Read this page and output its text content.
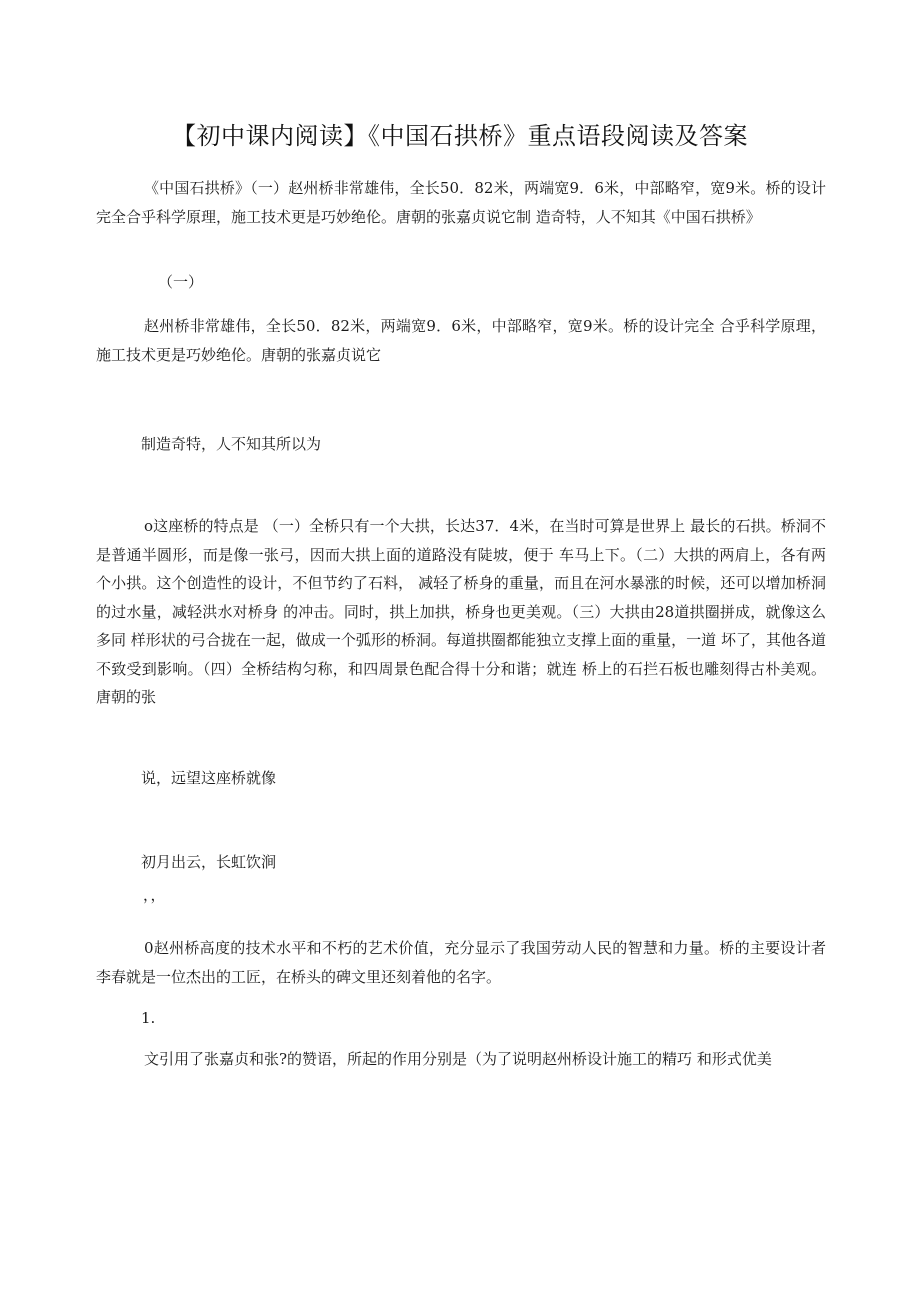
【初中课内阅读】《中国石拱桥》重点语段阅读及答案

《中国石拱桥》（一）赵州桥非常雄伟，全长50．82米，两端宽9．6米，中部略窄，宽9米。桥的设计完全合乎科学原理，施工技术更是巧妙绝伦。唐朝的张嘉贞说它制 造奇特，人不知其《中国石拱桥》

（一）

赵州桥非常雄伟，全长50．82米，两端宽9．6米，中部略窄，宽9米。桥的设计完全 合乎科学原理，施工技术更是巧妙绝伦。唐朝的张嘉贞说它

制造奇特，人不知其所以为

o这座桥的特点是 （一）全桥只有一个大拱，长达37．4米，在当时可算是世界上 最长的石拱。桥洞不是普通半圆形，而是像一张弓，因而大拱上面的道路没有陡坡，便于 车马上下。（二）大拱的两肩上，各有两个小拱。这个创造性的设计，不但节约了石料， 减轻了桥身的重量，而且在河水暴涨的时候，还可以增加桥洞的过水量，减轻洪水对桥身 的冲击。同时，拱上加拱，桥身也更美观。（三）大拱由28道拱圈拼成，就像这么多同 样形状的弓合拢在一起，做成一个弧形的桥洞。每道拱圈都能独立支撑上面的重量，一道 坏了，其他各道不致受到影响。（四）全桥结构匀称，和四周景色配合得十分和谐；就连 桥上的石拦石板也雕刻得古朴美观。唐朝的张

说，远望这座桥就像

初月出云，长虹饮涧

，，

0赵州桥高度的技术水平和不朽的艺术价值，充分显示了我国劳动人民的智慧和力量。桥的主要设计者李春就是一位杰出的工匠，在桥头的碑文里还刻着他的名字。

1.

文引用了张嘉贞和张?的赞语，所起的作用分别是（为了说明赵州桥设计施工的精巧 和形式优美
